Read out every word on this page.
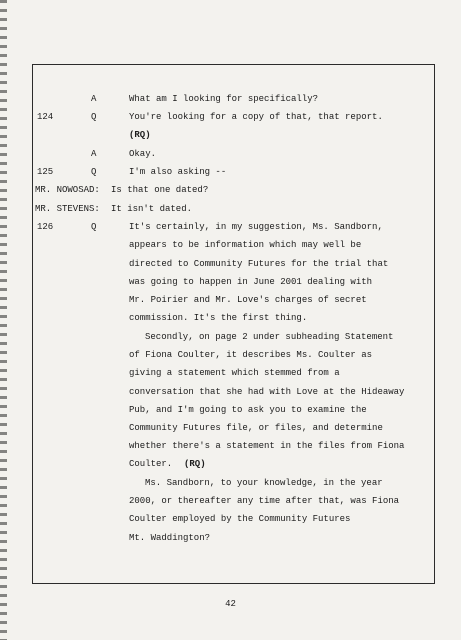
A	What am I looking for specifically?
124	Q	You're looking for a copy of that, that report.
(RQ)
A	Okay.
125	Q	I'm also asking --
MR. NOWOSAD: Is that one dated?
MR. STEVENS: It isn't dated.
126	Q	It's certainly, in my suggestion, Ms. Sandborn,
appears to be information which may well be
directed to Community Futures for the trial that
was going to happen in June 2001 dealing with
Mr. Poirier and Mr. Love's charges of secret
commission. It's the first thing.
Secondly, on page 2 under subheading Statement
of Fiona Coulter, it describes Ms. Coulter as
giving a statement which stemmed from a
conversation that she had with Love at the Hideaway
Pub, and I'm going to ask you to examine the
Community Futures file, or files, and determine
whether there's a statement in the files from Fiona
Coulter. (RQ)
Ms. Sandborn, to your knowledge, in the year
2000, or thereafter any time after that, was Fiona
Coulter employed by the Community Futures
Mt. Waddington?
42
